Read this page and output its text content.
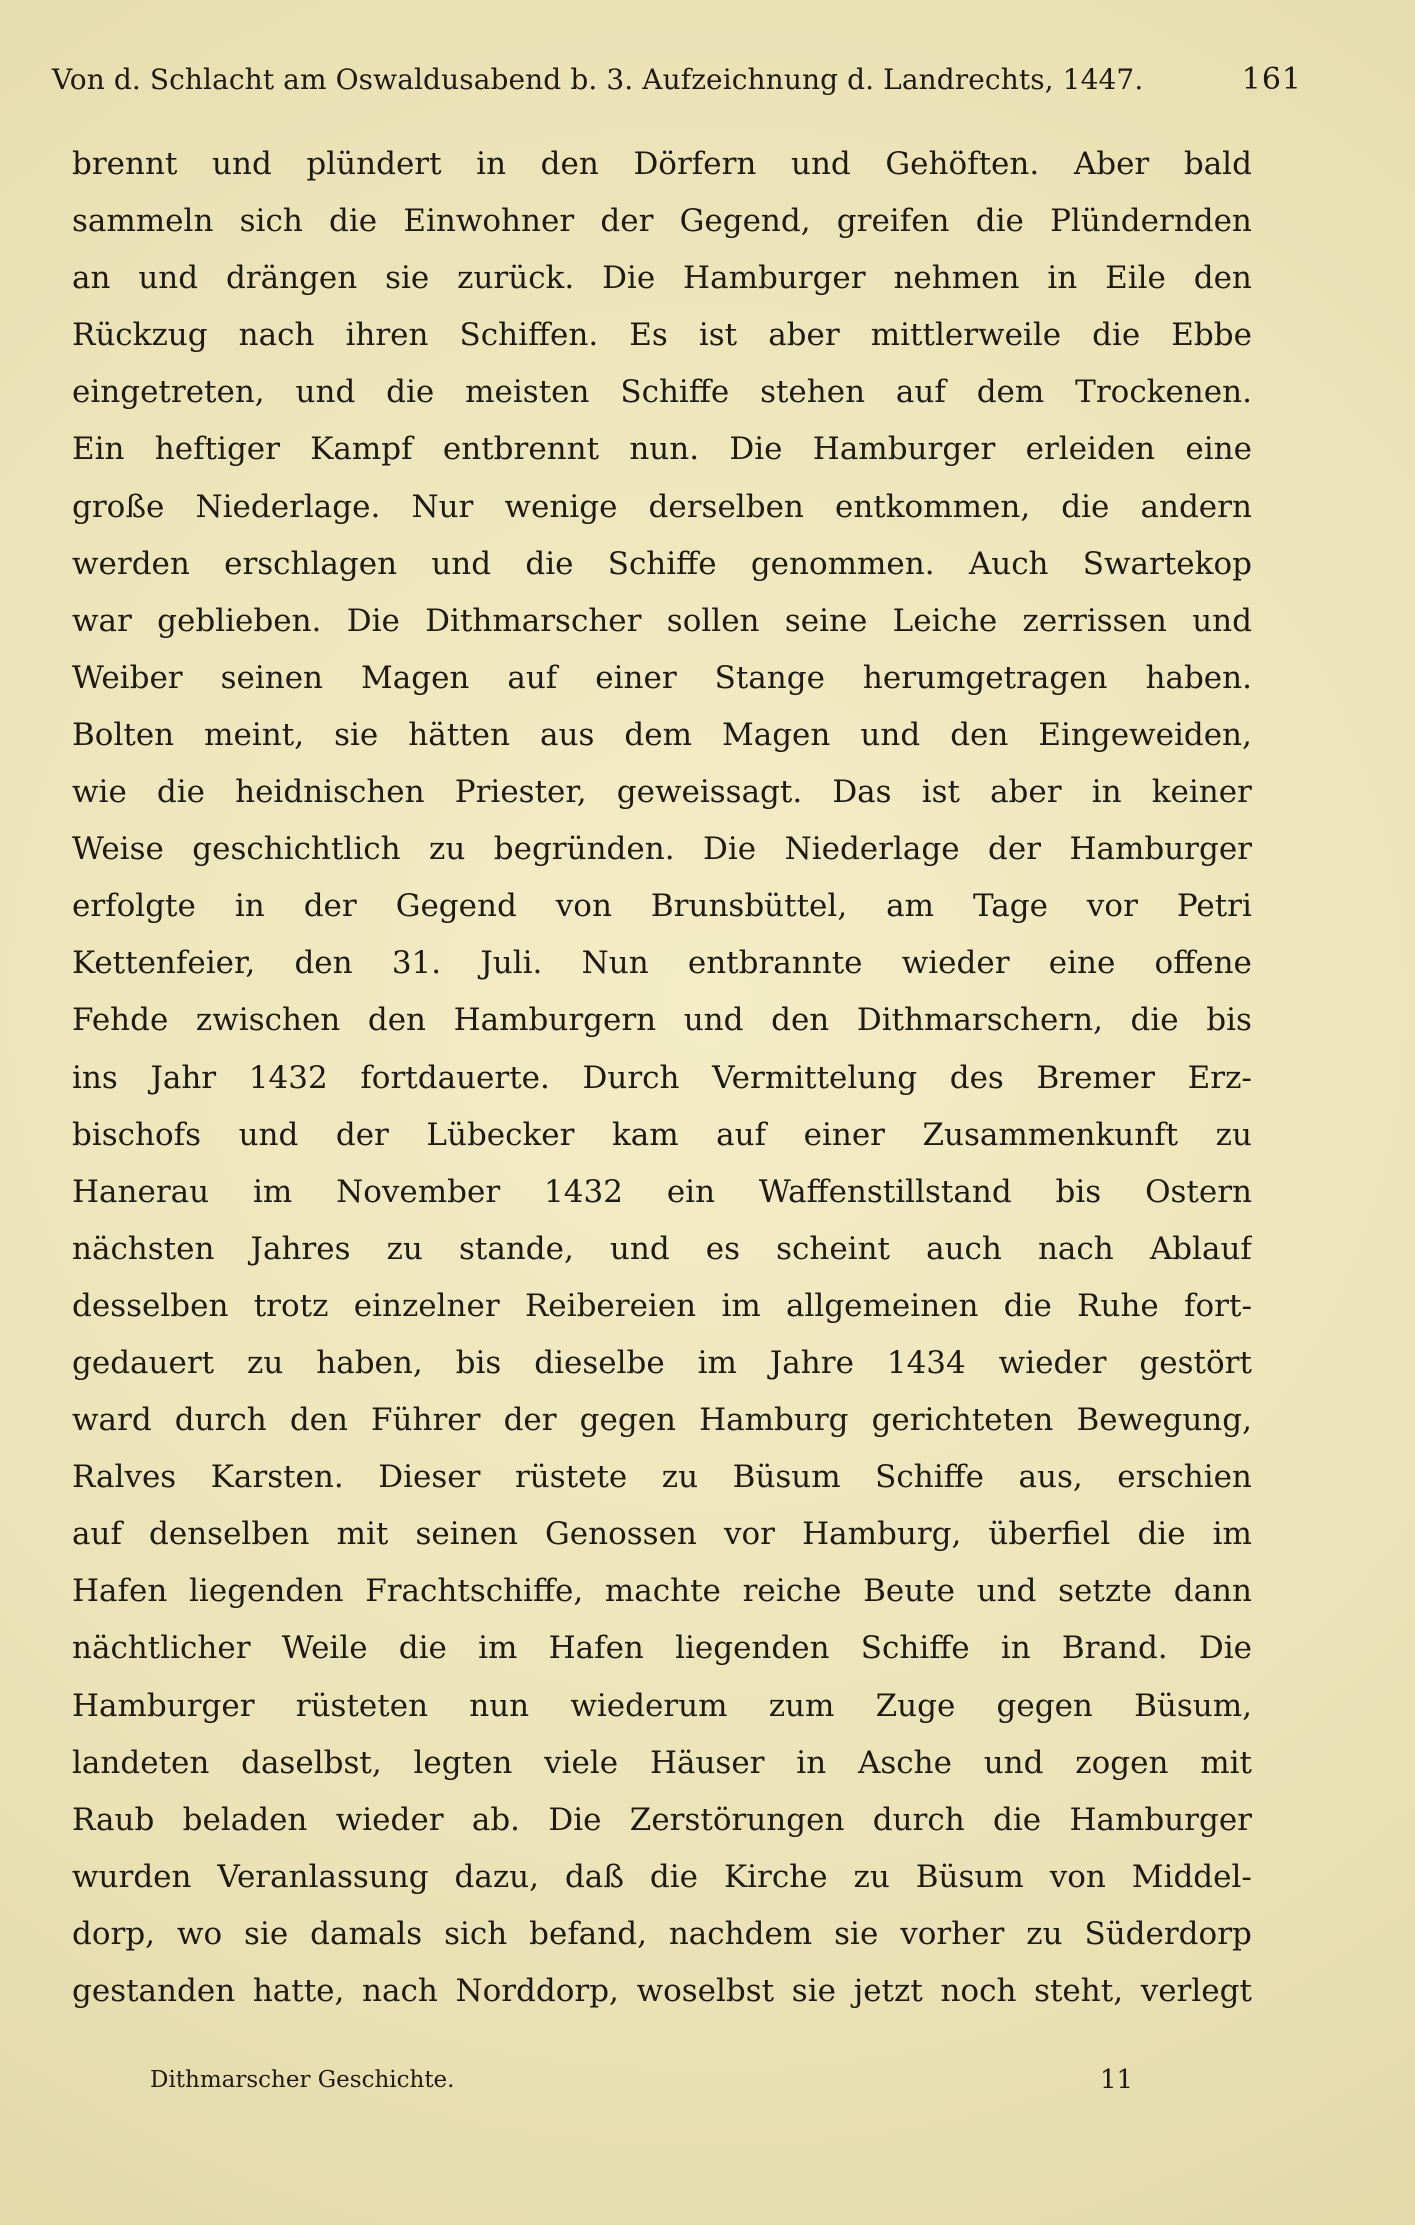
Von d. Schlacht am Oswaldusabend b. 3. Aufzeichnung d. Landrechts, 1447.	161
brennt und plündert in den Dörfern und Gehöften. Aber bald
sammeln sich die Einwohner der Gegend, greifen die Plündernden
an und drängen sie zurück. Die Hamburger nehmen in Eile den
Rückzug nach ihren Schiffen. Es ist aber mittlerweile die Ebbe
eingetreten, und die meisten Schiffe stehen auf dem Trockenen.
Ein heftiger Kampf entbrennt nun. Die Hamburger erleiden eine
große Niederlage. Nur wenige derselben entkommen, die andern
werden erschlagen und die Schiffe genommen. Auch Swartekop
war geblieben. Die Dithmarscher sollen seine Leiche zerrissen und
Weiber seinen Magen auf einer Stange herumgetragen haben.
Bolten meint, sie hätten aus dem Magen und den Eingeweiden,
wie die heidnischen Priester, geweissagt. Das ist aber in keiner
Weise geschichtlich zu begründen. Die Niederlage der Hamburger
erfolgte in der Gegend von Brunsbüttel, am Tage vor Petri
Kettenfeier, den 31. Juli. Nun entbrannte wieder eine offene
Fehde zwischen den Hamburgern und den Dithmarschern, die bis
ins Jahr 1432 fortdauerte. Durch Vermittelung des Bremer Erz-
bischofs und der Lübecker kam auf einer Zusammenkunft zu
Hanerau im November 1432 ein Waffenstillstand bis Ostern
nächsten Jahres zu stande, und es scheint auch nach Ablauf
desselben trotz einzelner Reibereien im allgemeinen die Ruhe fort-
gedauert zu haben, bis dieselbe im Jahre 1434 wieder gestört
ward durch den Führer der gegen Hamburg gerichteten Bewegung,
Ralves Karsten. Dieser rüstete zu Büsum Schiffe aus, erschien
auf denselben mit seinen Genossen vor Hamburg, überfiel die im
Hafen liegenden Frachtschiffe, machte reiche Beute und setzte dann
nächtlicher Weile die im Hafen liegenden Schiffe in Brand. Die
Hamburger rüsteten nun wiederum zum Zuge gegen Büsum,
landeten daselbst, legten viele Häuser in Asche und zogen mit
Raub beladen wieder ab. Die Zerstörungen durch die Hamburger
wurden Veranlassung dazu, daß die Kirche zu Büsum von Middel-
dorp, wo sie damals sich befand, nachdem sie vorher zu Süderdorp
gestanden hatte, nach Norddorp, woselbst sie jetzt noch steht, verlegt
Dithmarscher Geschichte.	11
